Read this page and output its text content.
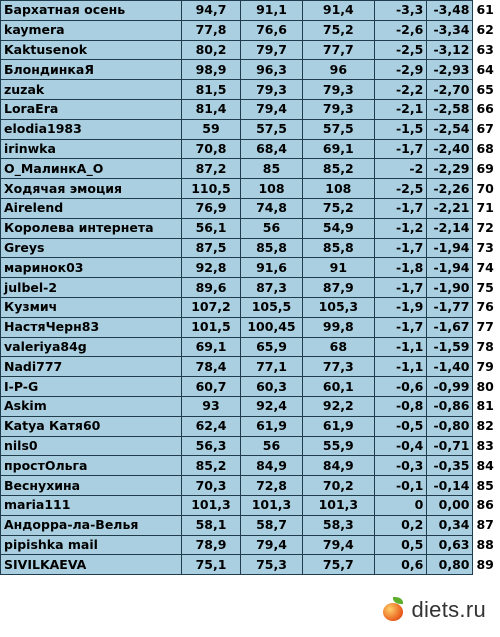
Бархатная осень	94,7	91,1	91,4	-3,3	-3,48	61
kaymera	77,8	76,6	75,2	-2,6	-3,34	62
Kaktusenok	80,2	79,7	77,7	-2,5	-3,12	63
БлондинкаЯ	98,9	96,3	96	-2,9	-2,93	64
zuzak	81,5	79,3	79,3	-2,2	-2,70	65
LoraEra	81,4	79,4	79,3	-2,1	-2,58	66
elodia1983	59	57,5	57,5	-1,5	-2,54	67
irinwka	70,8	68,4	69,1	-1,7	-2,40	68
О_МалинкА_О	87,2	85	85,2	-2	-2,29	69
Ходячая эмоция	110,5	108	108	-2,5	-2,26	70
Airelend	76,9	74,8	75,2	-1,7	-2,21	71
Королева интернета	56,1	56	54,9	-1,2	-2,14	72
Greys	87,5	85,8	85,8	-1,7	-1,94	73
маринок03	92,8	91,6	91	-1,8	-1,94	74
julbel-2	89,6	87,3	87,9	-1,7	-1,90	75
Кузмич	107,2	105,5	105,3	-1,9	-1,77	76
НастяЧерн83	101,5	100,45	99,8	-1,7	-1,67	77
valeriya84g	69,1	65,9	68	-1,1	-1,59	78
Nadi777	78,4	77,1	77,3	-1,1	-1,40	79
I-P-G	60,7	60,3	60,1	-0,6	-0,99	80
Askim	93	92,4	92,2	-0,8	-0,86	81
Katya Катя60	62,4	61,9	61,9	-0,5	-0,80	82
nils0	56,3	56	55,9	-0,4	-0,71	83
простОльга	85,2	84,9	84,9	-0,3	-0,35	84
Веснухина	70,3	72,8	70,2	-0,1	-0,14	85
maria111	101,3	101,3	101,3	0	0,00	86
Андорра-ла-Велья	58,1	58,7	58,3	0,2	0,34	87
pipishka mail	78,9	79,4	79,4	0,5	0,63	88
SIVILKAEVA	75,1	75,3	75,7	0,6	0,80	89
diets.ru
